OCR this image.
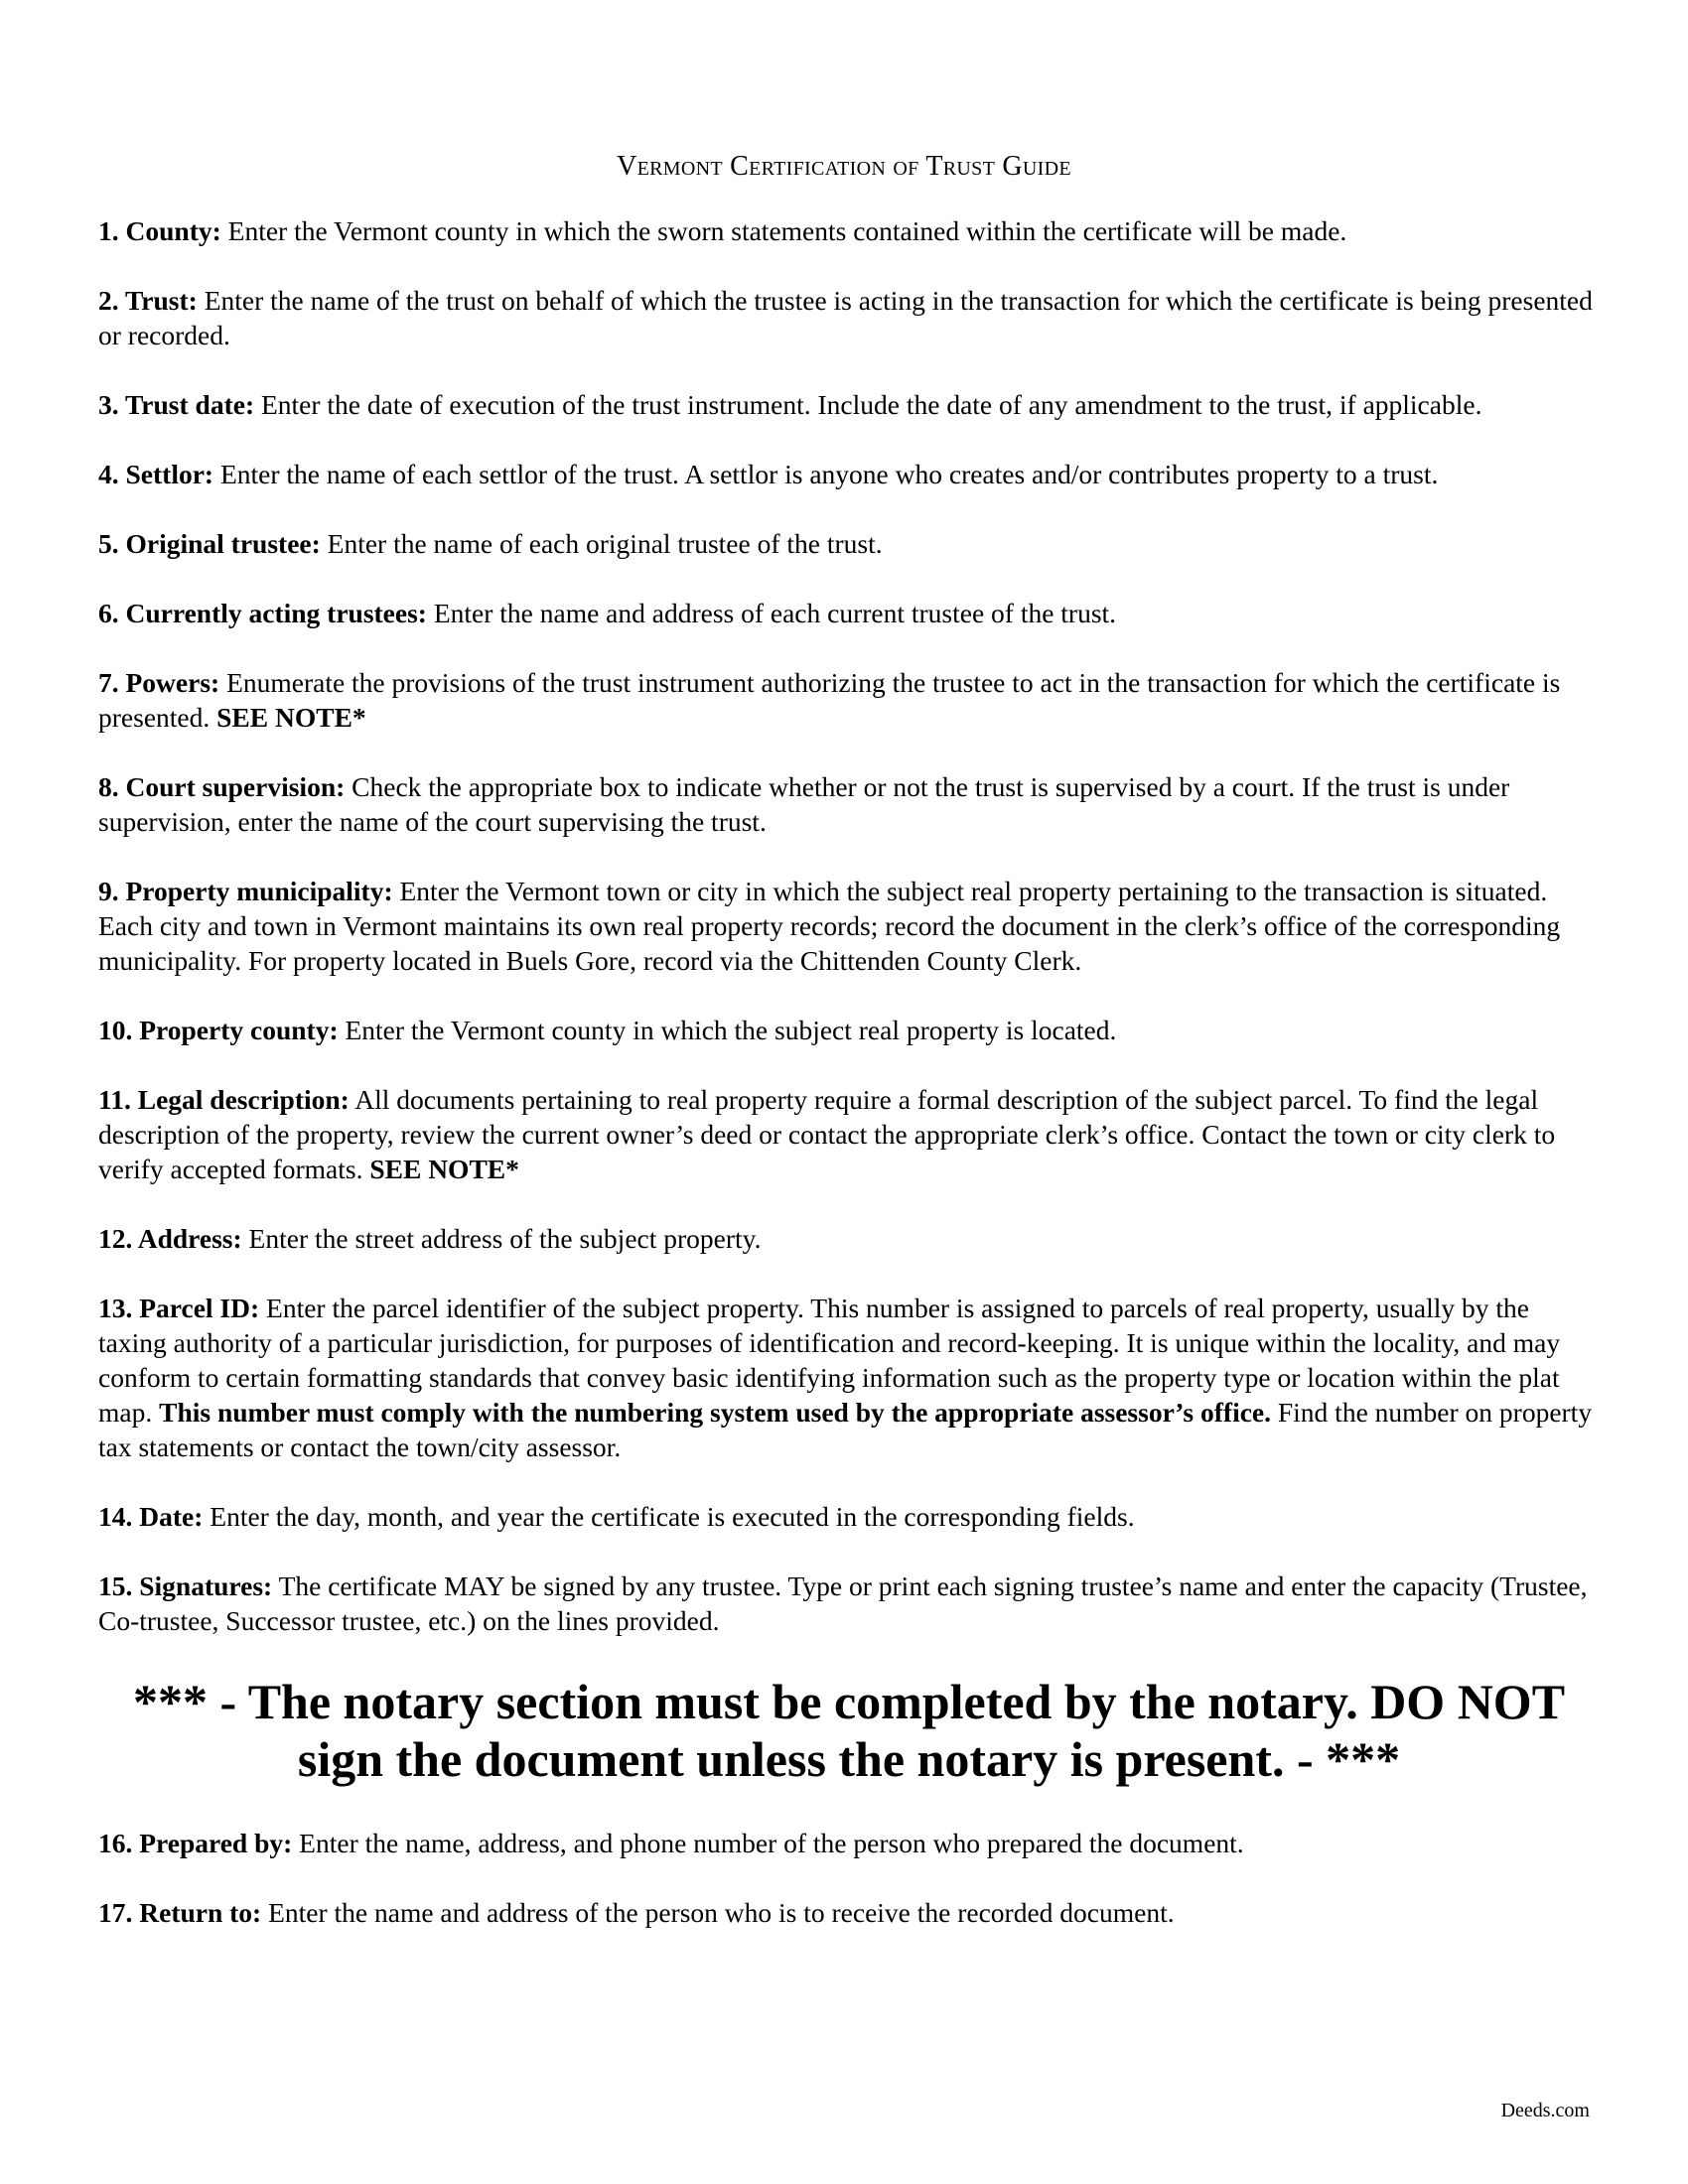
Vermont Certification of Trust Guide

1. County: Enter the Vermont county in which the sworn statements contained within the certificate will be made.

2. Trust: Enter the name of the trust on behalf of which the trustee is acting in the transaction for which the certificate is being presented or recorded.

3. Trust date: Enter the date of execution of the trust instrument. Include the date of any amendment to the trust, if applicable.

4. Settlor: Enter the name of each settlor of the trust. A settlor is anyone who creates and/or contributes property to a trust.

5. Original trustee: Enter the name of each original trustee of the trust.

6. Currently acting trustees: Enter the name and address of each current trustee of the trust.

7. Powers: Enumerate the provisions of the trust instrument authorizing the trustee to act in the transaction for which the certificate is presented. SEE NOTE*

8. Court supervision: Check the appropriate box to indicate whether or not the trust is supervised by a court. If the trust is under supervision, enter the name of the court supervising the trust.

9. Property municipality: Enter the Vermont town or city in which the subject real property pertaining to the transaction is situated. Each city and town in Vermont maintains its own real property records; record the document in the clerk’s office of the corresponding municipality. For property located in Buels Gore, record via the Chittenden County Clerk.

10. Property county: Enter the Vermont county in which the subject real property is located.

11. Legal description: All documents pertaining to real property require a formal description of the subject parcel. To find the legal description of the property, review the current owner’s deed or contact the appropriate clerk’s office. Contact the town or city clerk to verify accepted formats. SEE NOTE*

12. Address: Enter the street address of the subject property.

13. Parcel ID: Enter the parcel identifier of the subject property. This number is assigned to parcels of real property, usually by the taxing authority of a particular jurisdiction, for purposes of identification and record-keeping. It is unique within the locality, and may conform to certain formatting standards that convey basic identifying information such as the property type or location within the plat map. This number must comply with the numbering system used by the appropriate assessor’s office. Find the number on property tax statements or contact the town/city assessor.

14. Date: Enter the day, month, and year the certificate is executed in the corresponding fields.

15. Signatures: The certificate MAY be signed by any trustee. Type or print each signing trustee’s name and enter the capacity (Trustee, Co-trustee, Successor trustee, etc.) on the lines provided.

*** - The notary section must be completed by the notary. DO NOT sign the document unless the notary is present. - ***

16. Prepared by: Enter the name, address, and phone number of the person who prepared the document.

17. Return to: Enter the name and address of the person who is to receive the recorded document.

Deeds.com
